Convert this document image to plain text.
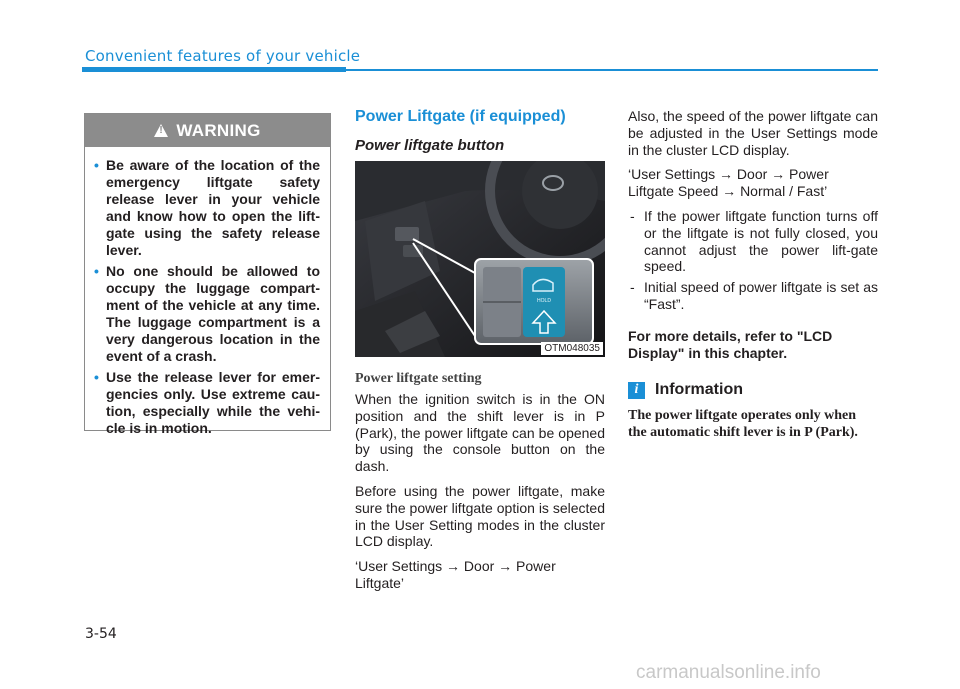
Convenient features of your vehicle
!
WARNING
• Be aware of the location of the emergency liftgate safety release lever in your vehicle and know how to open the lift-gate using the safety release lever.
• No one should be allowed to occupy the luggage compart-ment of the vehicle at any time. The luggage compartment is a very dangerous location in the event of a crash.
• Use the release lever for emer-gencies only. Use extreme cau-tion, especially while the vehi-cle is in motion.
Power Liftgate (if equipped)
Power liftgate button
HOLD
OTM048035
Power liftgate setting

When the ignition switch is in the ON position and the shift lever is in P (Park), the power liftgate can be opened by using the console button on the dash.

Before using the power liftgate, make sure the power liftgate option is selected in the User Setting modes in the cluster LCD display.

‘User Settings → Door → Power Liftgate’

Also, the speed of the power liftgate can be adjusted in the User Settings mode in the cluster LCD display.

‘User Settings → Door → Power Liftgate Speed → Normal / Fast’

- If the power liftgate function turns off or the liftgate is not fully closed, you cannot adjust the power lift-gate speed.
- Initial speed of power liftgate is set as “Fast”.

For more details, refer to "LCD Display" in this chapter.

i	Information
The power liftgate operates only when the automatic shift lever is in P (Park).
3-54
carmanualsonline.info
